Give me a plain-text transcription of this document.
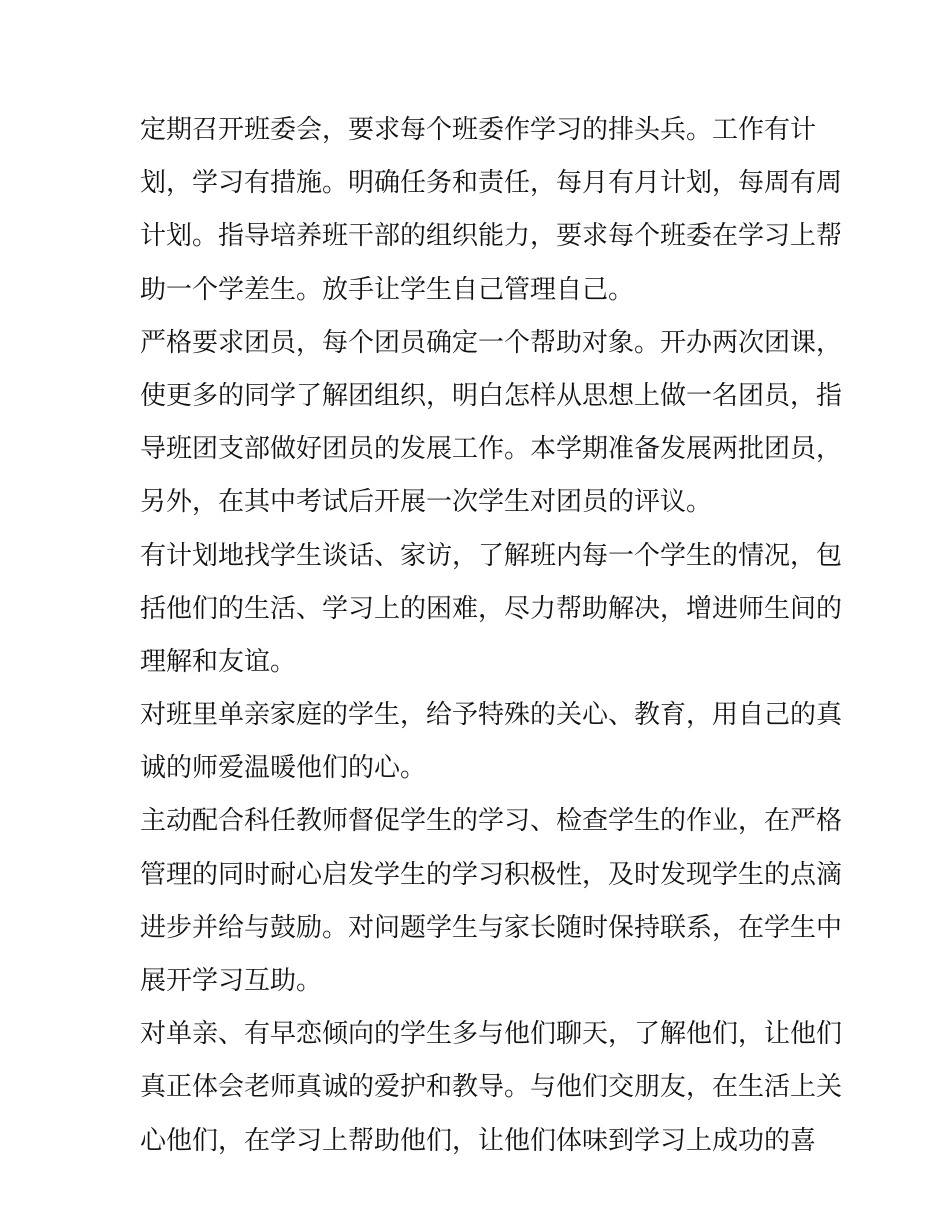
定期召开班委会，要求每个班委作学习的排头兵。工作有计
划，学习有措施。明确任务和责任，每月有月计划，每周有周
计划。指导培养班干部的组织能力，要求每个班委在学习上帮
助一个学差生。放手让学生自己管理自己。
严格要求团员，每个团员确定一个帮助对象。开办两次团课，
使更多的同学了解团组织，明白怎样从思想上做一名团员，指
导班团支部做好团员的发展工作。本学期准备发展两批团员，
另外，在其中考试后开展一次学生对团员的评议。
有计划地找学生谈话、家访，了解班内每一个学生的情况，包
括他们的生活、学习上的困难，尽力帮助解决，增进师生间的
理解和友谊。
对班里单亲家庭的学生，给予特殊的关心、教育，用自己的真
诚的师爱温暖他们的心。
主动配合科任教师督促学生的学习、检查学生的作业，在严格
管理的同时耐心启发学生的学习积极性，及时发现学生的点滴
进步并给与鼓励。对问题学生与家长随时保持联系，在学生中
展开学习互助。
对单亲、有早恋倾向的学生多与他们聊天，了解他们，让他们
真正体会老师真诚的爱护和教导。与他们交朋友，在生活上关
心他们，在学习上帮助他们，让他们体味到学习上成功的喜
